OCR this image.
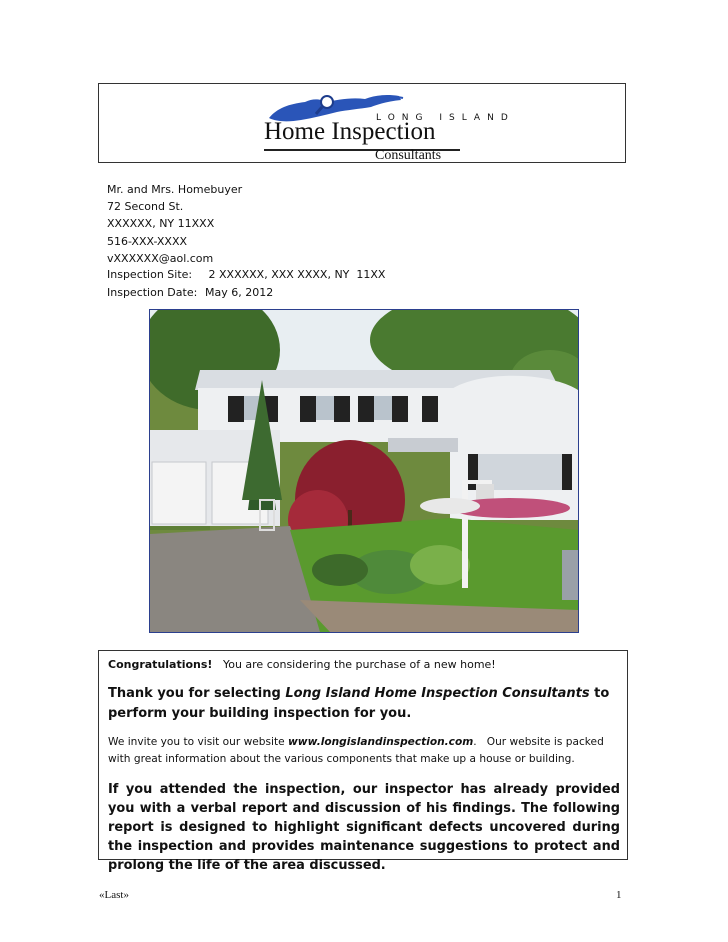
LONG ISLAND
Home Inspection
Consultants
Mr. and Mrs. Homebuyer
72 Second St.
XXXXXX, NY 11XXX
516-XXX-XXXX
vXXXXXX@aol.com
Inspection Site: 2 XXXXXX, XXX XXXX, NY  11XX
Inspection Date: May 6, 2012
Congratulations! You are considering the purchase of a new home!
Thank you for selecting Long Island Home Inspection Consultants to perform your building inspection for you.
We invite you to visit our website www.longislandinspection.com.   Our website is packed with great information about the various components that make up a house or building.
If you attended the inspection, our inspector has already provided you with a verbal report and discussion of his findings. The following report is designed to highlight significant defects uncovered during the inspection and provides maintenance suggestions to protect and prolong the life of the area discussed.
«Last»	1
